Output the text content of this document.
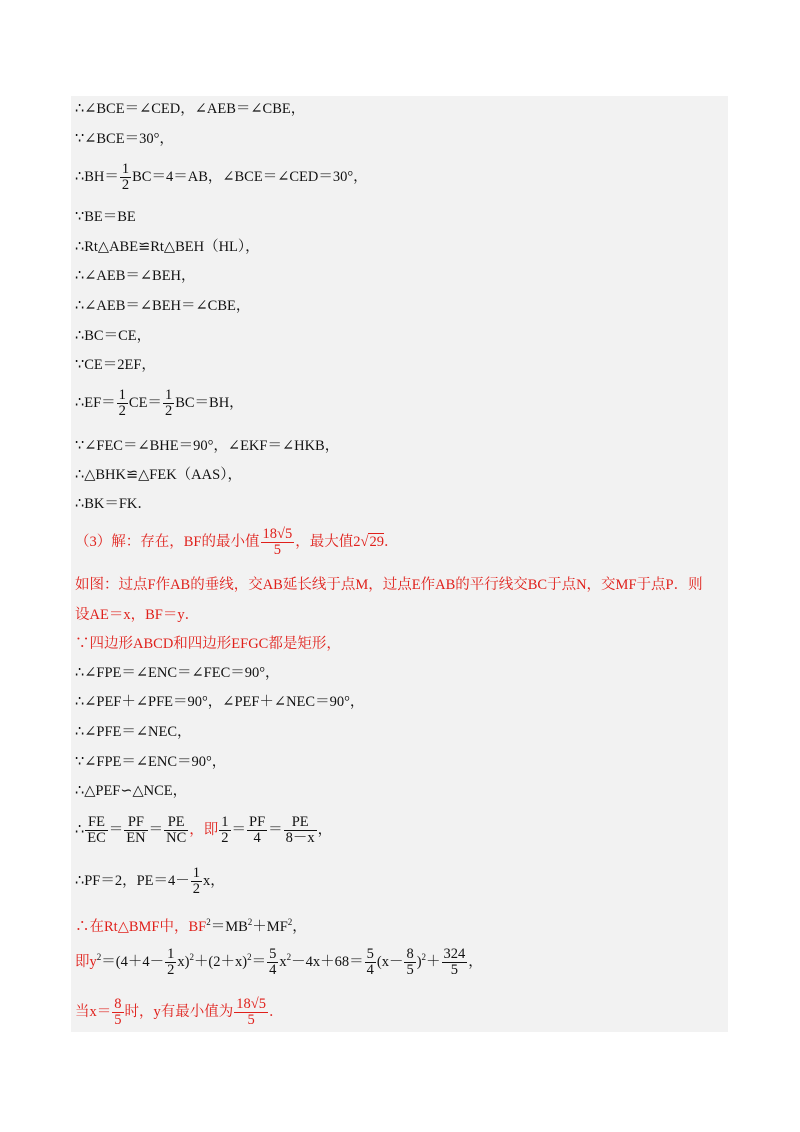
∴∠BCE＝∠CED，∠AEB＝∠CBE，
∵∠BCE＝30°，
∴BH＝ $\frac{1}{2} BC=4=AB$，∠BCE＝∠CED＝30°，
∵BE＝BE
∴Rt△ABE≌Rt△BEH（HL），
∴∠AEB＝∠BEH，
∴∠AEB＝∠BEH＝∠CBE，
∴BC＝CE，
∵CE＝2EF，
∴EF＝ $\frac{1}{2} CE= \frac{1}{2} BC=BH$，
∵∠FEC＝∠BHE＝90°，∠EKF＝∠HKB，
∴△BHK≌△FEK（AAS），
∴BK＝FK．
（3）解：存在，BF的最小值 $\frac{18√5}{5}$ ，最大值2√29．
如图：过点F作AB的垂线，交AB延长线于点M，过点E作AB的平行线交BC于点N，交MF于点P．则
设AE＝x，BF＝y．
∵四边形ABCD和四边形EFGC都是矩形，
∴∠FPE＝∠ENC＝∠FEC＝90°，
∴∠PEF＋∠PFE＝90°，∠PEF＋∠NEC＝90°，
∴∠PFE＝∠NEC，
∵∠FPE＝∠ENC＝90°，
∴△PEF∽△NCE，
∴ $\frac{FE}{EC} = \frac{PF}{EN} = \frac{PE}{NC}$ ，即 $\frac{1}{2} = \frac{PF}{4} = \frac{PE}{8-x}$ ，
∴PF＝2，$PE=4- \frac{1}{2}$ x，
∴在Rt△BMF中，$BF^2=MB^2+MF^2$，
即$y^2=(4+4- \frac{1}{2} x)^2+(2+x)^2= \frac{5}{4} x^2-4x+68= \frac{5}{4} (x- \frac{8}{5} )^2+ \frac{324}{5}$ ，
当$x= \frac{8}{5}$ 时，y有最小值为 $\frac{18√5}{5}$ ．
